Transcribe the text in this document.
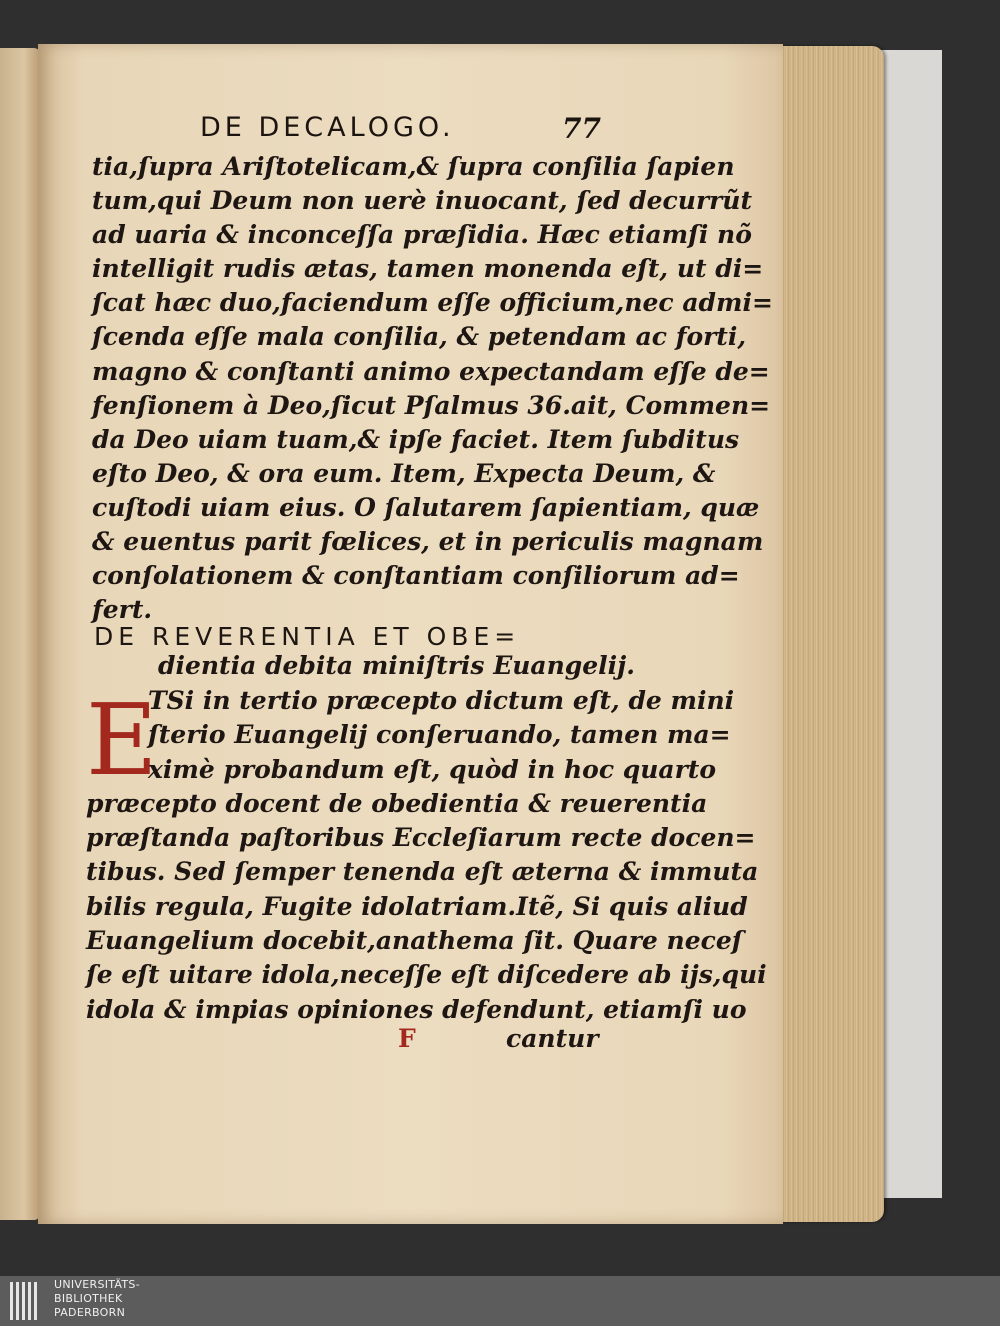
DE DECALOGO.	77
tia,ſupra Ariſtotelicam,& ſupra conſilia ſapien
tum,qui Deum non uerè inuocant, ſed decurrũt
ad uaria & inconceſſa præſidia. Hæc etiamſi nõ
intelligit rudis ætas, tamen monenda eſt, ut di=
ſcat hæc duo,faciendum eſſe officium,nec admi=
ſcenda eſſe mala conſilia, & petendam ac forti,
magno & conſtanti animo expectandam eſſe de=
fenſionem à Deo,ſicut Pſalmus 36.ait, Commen=
da Deo uiam tuam,& ipſe faciet. Item ſubditus
eſto Deo, & ora eum. Item, Expecta Deum, &
cuſtodi uiam eius. O ſalutarem ſapientiam, quæ
& euentus parit fœlices, et in periculis magnam
conſolationem & conſtantiam conſiliorum ad=
fert.
DE REVERENTIA ET OBE=
dientia debita miniſtris Euangelij.
E
TSi in tertio præcepto dictum eſt, de mini
ſterio Euangelij conſeruando, tamen ma=
ximè probandum eſt, quòd in hoc quarto
præcepto docent de obedientia & reuerentia
præſtanda paſtoribus Eccleſiarum recte docen=
tibus. Sed ſemper tenenda eſt æterna & immuta
bilis regula, Fugite idolatriam.Itẽ, Si quis aliud
Euangelium docebit,anathema ſit. Quare neceſ
ſe eſt uitare idola,neceſſe eſt diſcedere ab ijs,qui
idola & impias opiniones defendunt, etiamſi uo
F	cantur
UNIVERSITÄTS-
BIBLIOTHEK
PADERBORN
